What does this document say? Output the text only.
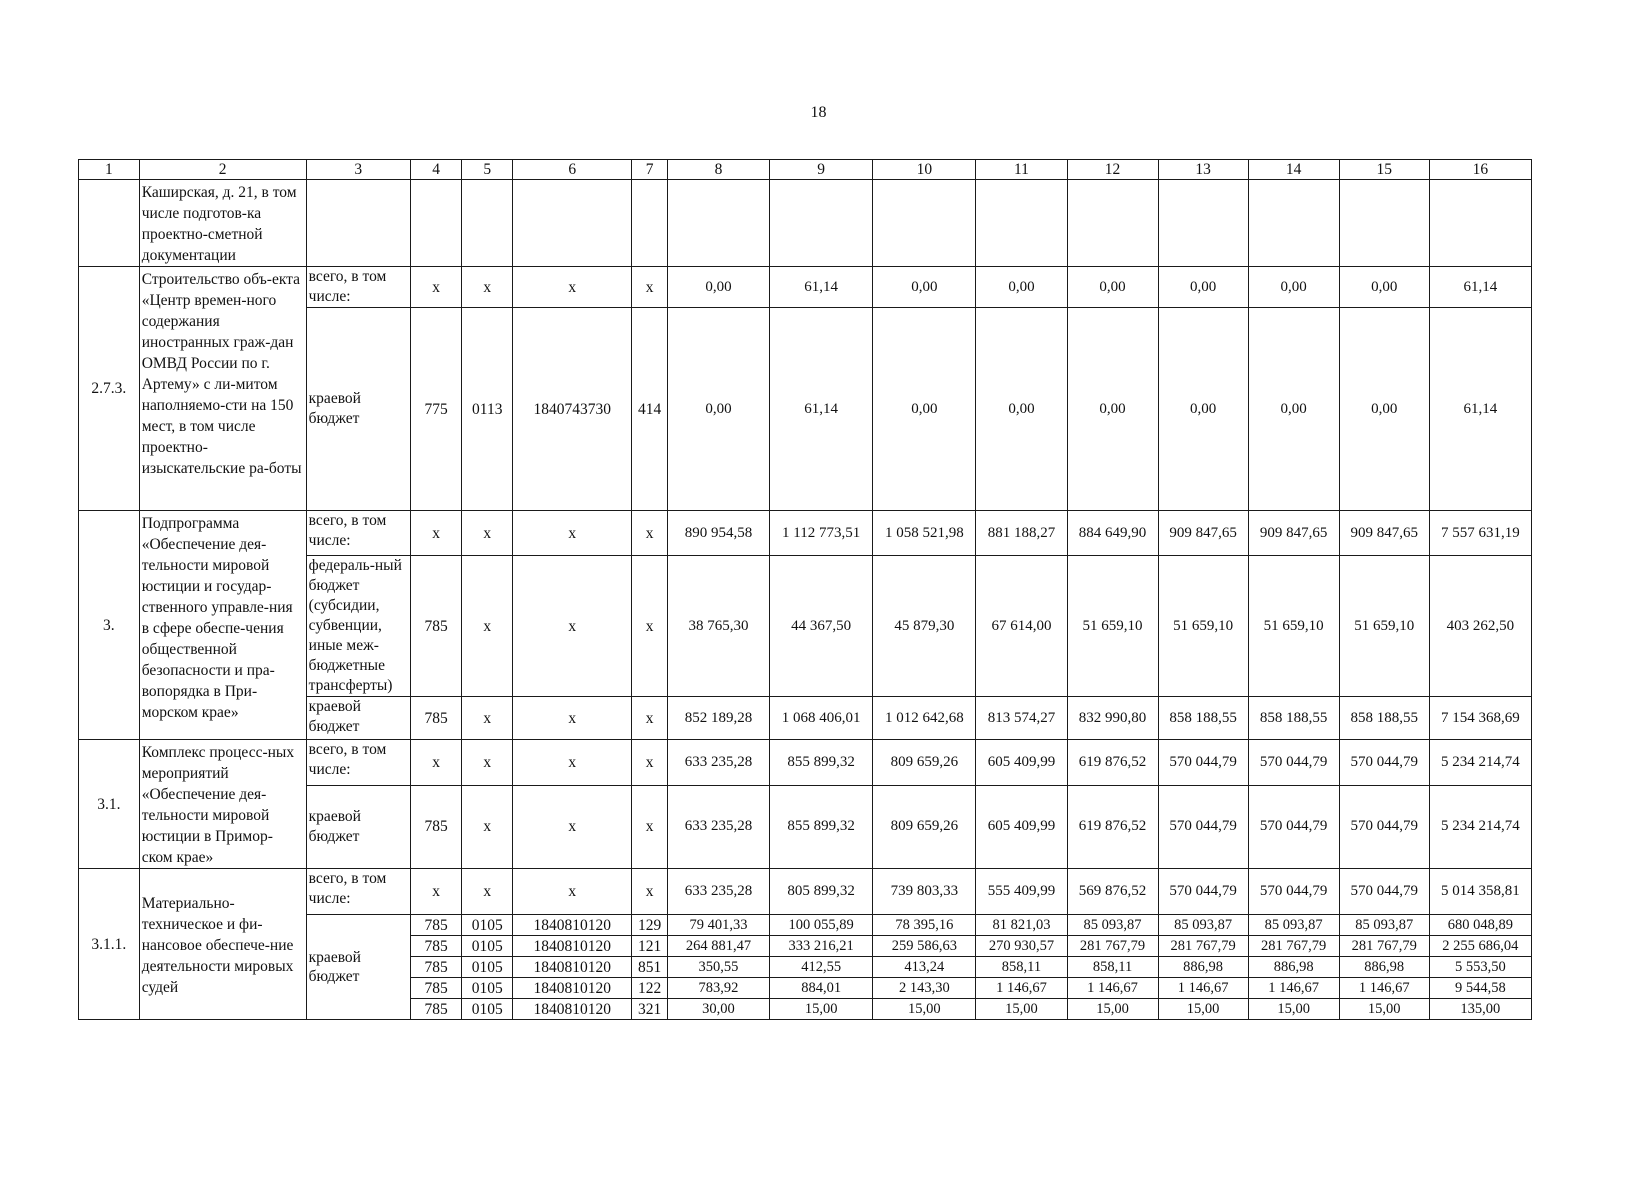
18
1	2	3	4	5	6	7	8	9	10	11	12	13	14	15	16
	Каширская, д. 21, в том числе подготов-ка проектно-сметной документации														
2.7.3.	Строительство объ-екта «Центр времен-ного содержания иностранных граж-дан ОМВД России по г. Артему» с ли-митом наполняемо-сти на 150 мест, в том числе проектно-изыскательские ра-боты	всего, в том числе:	х	х	х	х	0,00	61,14	0,00	0,00	0,00	0,00	0,00	0,00	61,14
		краевой бюджет	775	0113	1840743730	414	0,00	61,14	0,00	0,00	0,00	0,00	0,00	0,00	61,14
3.	Подпрограмма «Обеспечение дея-тельности мировой юстиции и государ-ственного управле-ния в сфере обеспе-чения общественной безопасности и пра-вопорядка в При-морском крае»	всего, в том числе:	х	х	х	х	890 954,58	1 112 773,51	1 058 521,98	881 188,27	884 649,90	909 847,65	909 847,65	909 847,65	7 557 631,19
		федераль-ный бюджет (субсидии, субвенции, иные меж-бюджетные трансферты)	785	х	х	х	38 765,30	44 367,50	45 879,30	67 614,00	51 659,10	51 659,10	51 659,10	51 659,10	403 262,50
		краевой бюджет	785	х	х	х	852 189,28	1 068 406,01	1 012 642,68	813 574,27	832 990,80	858 188,55	858 188,55	858 188,55	7 154 368,69
3.1.	Комплекс процесс-ных мероприятий «Обеспечение дея-тельности мировой юстиции в Примор-ском крае»	всего, в том числе:	х	х	х	х	633 235,28	855 899,32	809 659,26	605 409,99	619 876,52	570 044,79	570 044,79	570 044,79	5 234 214,74
		краевой бюджет	785	х	х	х	633 235,28	855 899,32	809 659,26	605 409,99	619 876,52	570 044,79	570 044,79	570 044,79	5 234 214,74
3.1.1.	Материально-техническое и фи-нансовое обеспече-ние деятельности мировых судей	всего, в том числе:	х	х	х	х	633 235,28	805 899,32	739 803,33	555 409,99	569 876,52	570 044,79	570 044,79	570 044,79	5 014 358,81
		краевой бюджет	785	0105	1840810120	129	79 401,33	100 055,89	78 395,16	81 821,03	85 093,87	85 093,87	85 093,87	85 093,87	680 048,89
			785	0105	1840810120	121	264 881,47	333 216,21	259 586,63	270 930,57	281 767,79	281 767,79	281 767,79	281 767,79	2 255 686,04
			785	0105	1840810120	851	350,55	412,55	413,24	858,11	858,11	886,98	886,98	886,98	5 553,50
			785	0105	1840810120	122	783,92	884,01	2 143,30	1 146,67	1 146,67	1 146,67	1 146,67	1 146,67	9 544,58
			785	0105	1840810120	321	30,00	15,00	15,00	15,00	15,00	15,00	15,00	15,00	135,00
